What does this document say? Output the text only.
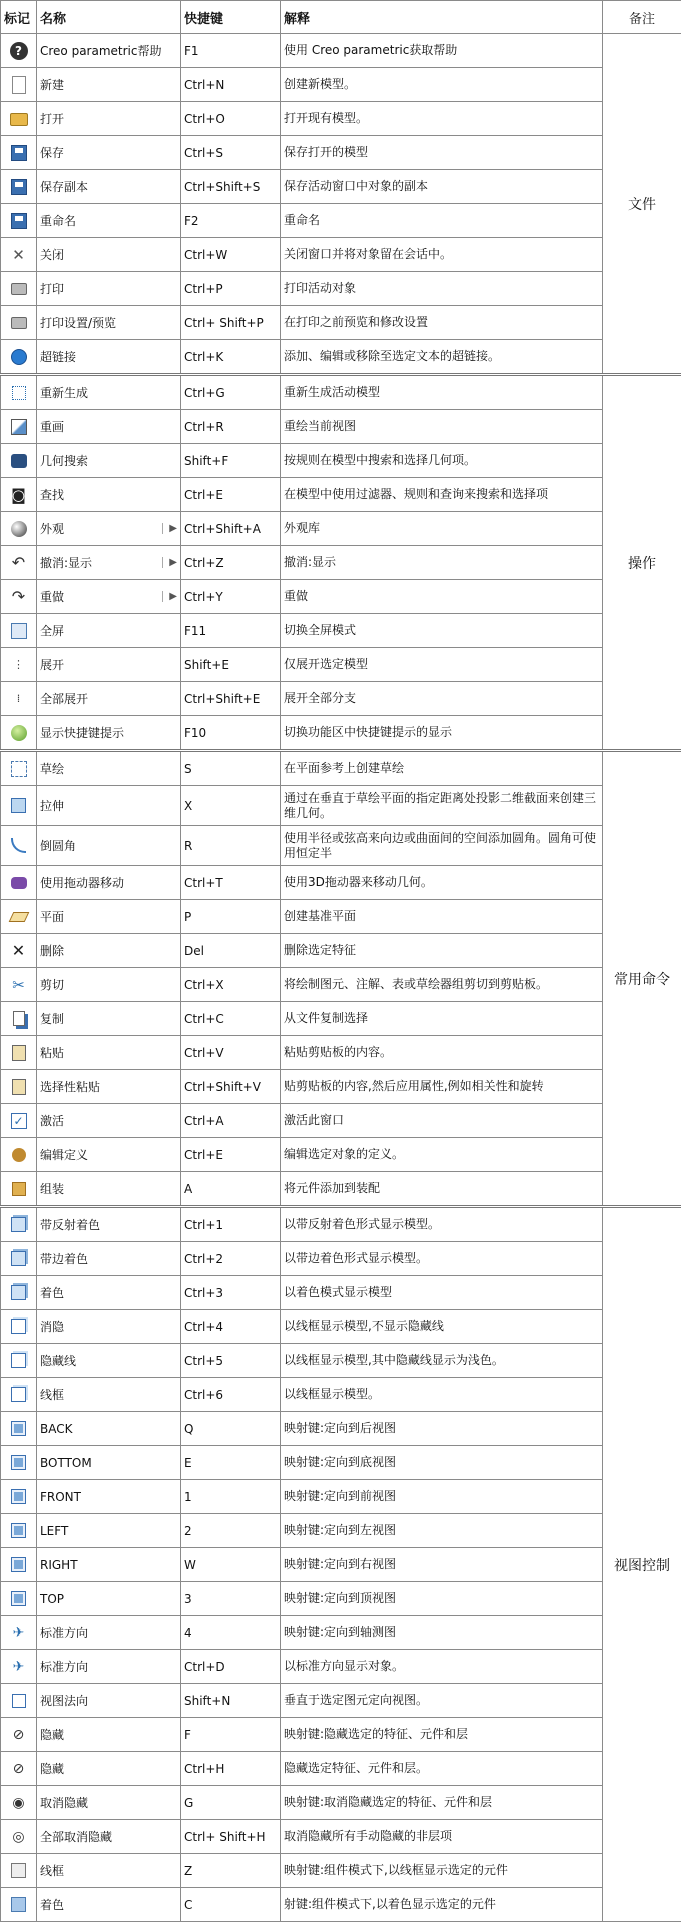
标记	名称	快捷键	解释	备注
?	Creo parametric帮助	F1	使用 Creo parametric获取帮助	文件
	新建	Ctrl+N	创建新模型。	
	打开	Ctrl+O	打开现有模型。	
	保存	Ctrl+S	保存打开的模型	
	保存副本	Ctrl+Shift+S	保存活动窗口中对象的副本	
	重命名	F2	重命名	
✕	关闭	Ctrl+W	关闭窗口并将对象留在会话中。	
	打印	Ctrl+P	打印活动对象	
	打印设置/预览	Ctrl+ Shift+P	在打印之前预览和修改设置	
	超链接	Ctrl+K	添加、编辑或移除至选定文本的超链接。	
	重新生成	Ctrl+G	重新生成活动模型	操作
	重画	Ctrl+R	重绘当前视图	
	几何搜索	Shift+F	按规则在模型中搜索和选择几何项。	
◙	查找	Ctrl+E	在模型中使用过滤器、规则和查询来搜索和选择项	

	外观 ▶	Ctrl+Shift+A	外观库	
↶	撤消:显示 ▶	Ctrl+Z	撤消:显示	
↷	重做 ▶	Ctrl+Y	重做	
	全屏	F11	切换全屏模式	
⋮	展开	Shift+E	仅展开选定模型	
⁞	全部展开	Ctrl+Shift+E	展开全部分支	
	显示快捷键提示	F10	切换功能区中快捷键提示的显示	
	草绘	S	在平面参考上创建草绘	常用命令
	拉伸	X	通过在垂直于草绘平面的指定距离处投影二维截面来创建三维几何。	
	倒圆角	R	使用半径或弦高来向边或曲面间的空间添加圆角。圆角可使用恒定半	
	使用拖动器移动	Ctrl+T	使用3D拖动器来移动几何。	
	平面	P	创建基准平面	
✕	删除	Del	删除选定特征	
✂	剪切	Ctrl+X	将绘制图元、注解、表或草绘器组剪切到剪贴板。	
	复制	Ctrl+C	从文件复制选择	
	粘贴	Ctrl+V	粘贴剪贴板的内容。	
	选择性粘贴	Ctrl+Shift+V	贴剪贴板的内容,然后应用属性,例如相关性和旋转	
✓	激活	Ctrl+A	激活此窗口	
	编辑定义	Ctrl+E	编辑选定对象的定义。	
	组装	A	将元件添加到装配	
	带反射着色	Ctrl+1	以带反射着色形式显示模型。	视图控制
	带边着色	Ctrl+2	以带边着色形式显示模型。	
	着色	Ctrl+3	以着色模式显示模型	
	消隐	Ctrl+4	以线框显示模型,不显示隐藏线	
	隐藏线	Ctrl+5	以线框显示模型,其中隐藏线显示为浅色。	
	线框	Ctrl+6	以线框显示模型。	
	BACK	Q	映射键:定向到后视图	
	BOTTOM	E	映射键:定向到底视图	
	FRONT	1	映射键:定向到前视图	
	LEFT	2	映射键:定向到左视图	
	RIGHT	W	映射键:定向到右视图	
	TOP	3	映射键:定向到顶视图	
✈	标准方向	4	映射键:定向到轴测图	
✈	标准方向	Ctrl+D	以标准方向显示对象。	
	视图法向	Shift+N	垂直于选定图元定向视图。	
⊘	隐藏	F	映射键:隐藏选定的特征、元件和层	
⊘	隐藏	Ctrl+H	隐藏选定特征、元件和层。	
◉	取消隐藏	G	映射键:取消隐藏选定的特征、元件和层	
◎	全部取消隐藏	Ctrl+ Shift+H	取消隐藏所有手动隐藏的非层项	
	线框	Z	映射键:组件模式下,以线框显示选定的元件	
	着色	C	射键:组件模式下,以着色显示选定的元件	
